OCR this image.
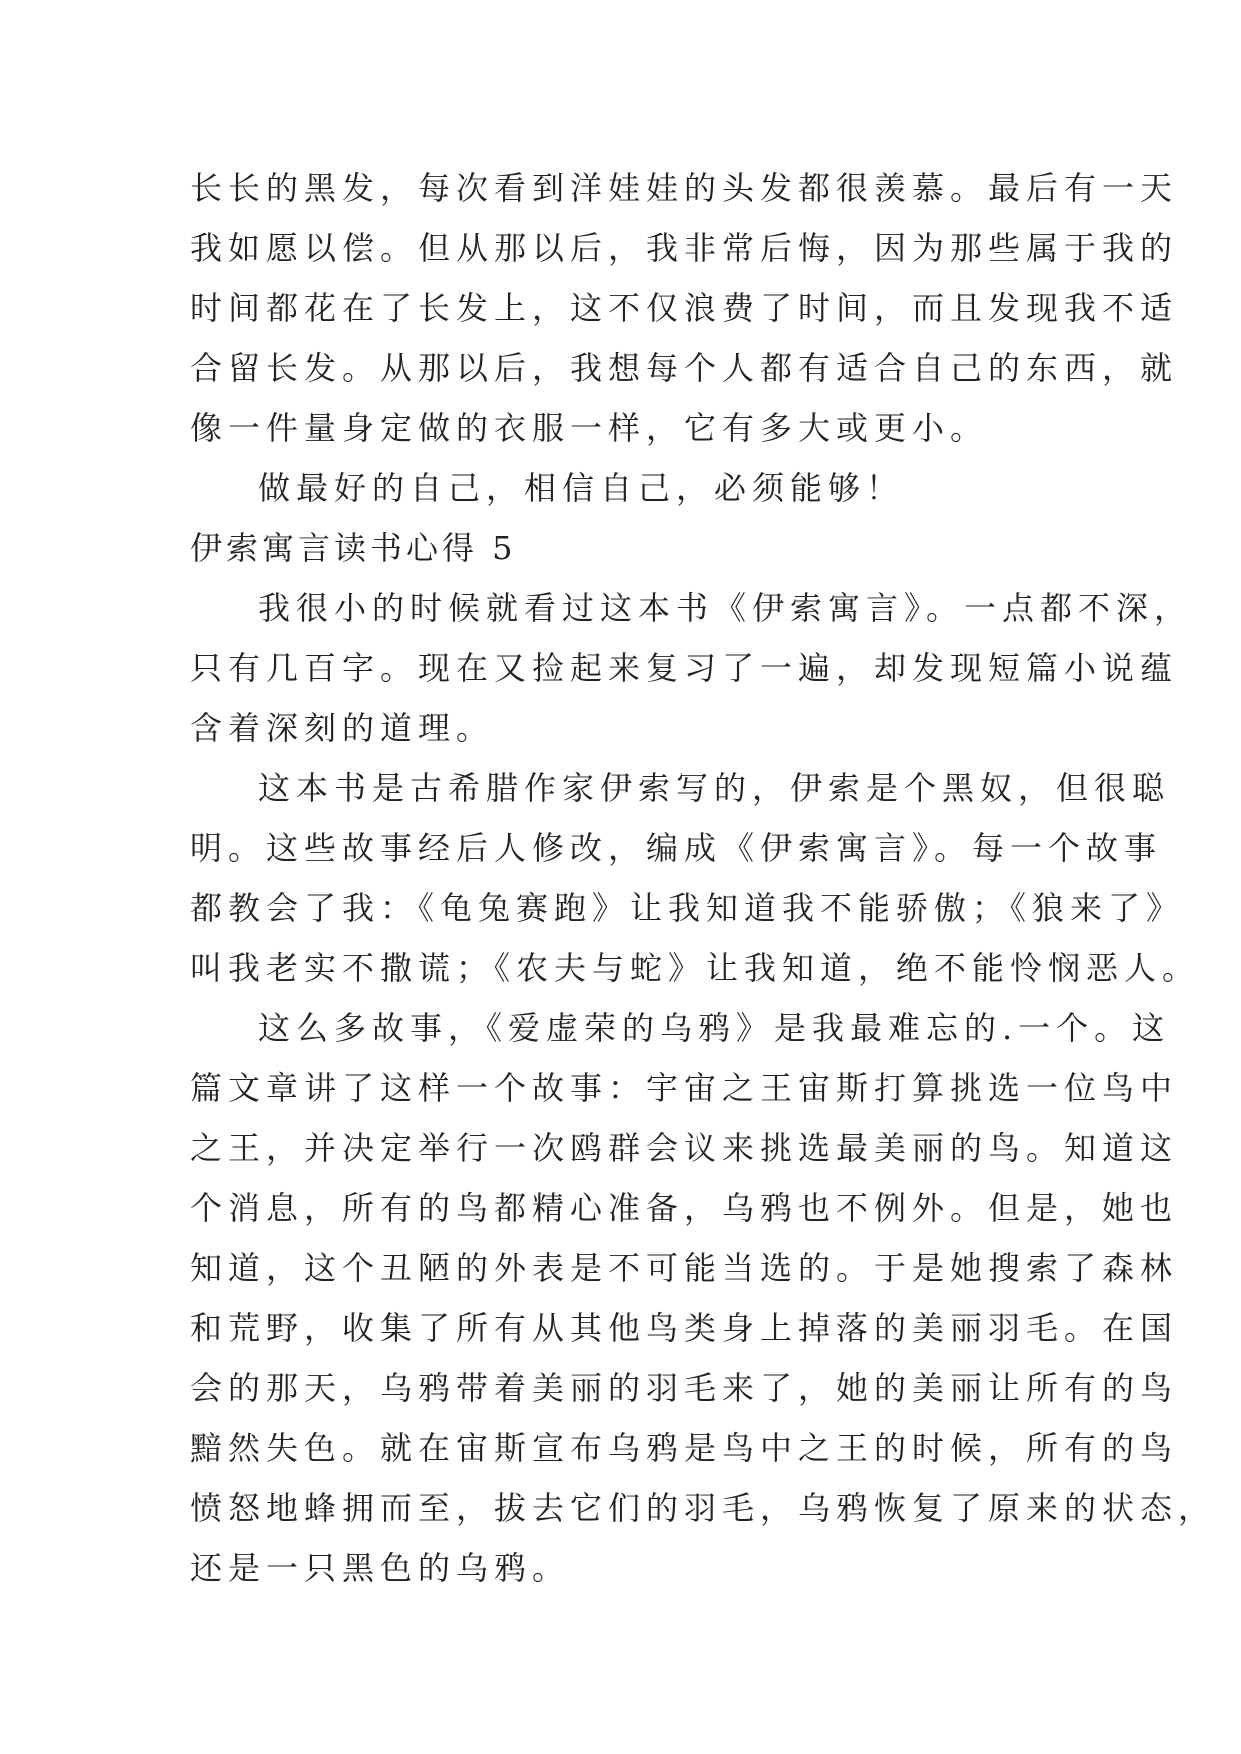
长长的黑发，每次看到洋娃娃的头发都很羡慕。最后有一天
我如愿以偿。但从那以后，我非常后悔，因为那些属于我的
时间都花在了长发上，这不仅浪费了时间，而且发现我不适
合留长发。从那以后，我想每个人都有适合自己的东西，就
像一件量身定做的衣服一样，它有多大或更小。
做最好的自己，相信自己，必须能够！
伊索寓言读书心得 5
我很小的时候就看过这本书《伊索寓言》。一点都不深，
只有几百字。现在又捡起来复习了一遍，却发现短篇小说蕴
含着深刻的道理。
这本书是古希腊作家伊索写的，伊索是个黑奴，但很聪
明。这些故事经后人修改，编成《伊索寓言》。每一个故事
都教会了我：《龟兔赛跑》让我知道我不能骄傲；《狼来了》
叫我老实不撒谎；《农夫与蛇》让我知道，绝不能怜悯恶人。
这么多故事，《爱虚荣的乌鸦》是我最难忘的.一个。这
篇文章讲了这样一个故事：宇宙之王宙斯打算挑选一位鸟中
之王，并决定举行一次鸥群会议来挑选最美丽的鸟。知道这
个消息，所有的鸟都精心准备，乌鸦也不例外。但是，她也
知道，这个丑陋的外表是不可能当选的。于是她搜索了森林
和荒野，收集了所有从其他鸟类身上掉落的美丽羽毛。在国
会的那天，乌鸦带着美丽的羽毛来了，她的美丽让所有的鸟
黯然失色。就在宙斯宣布乌鸦是鸟中之王的时候，所有的鸟
愤怒地蜂拥而至，拔去它们的羽毛，乌鸦恢复了原来的状态，
还是一只黑色的乌鸦。
